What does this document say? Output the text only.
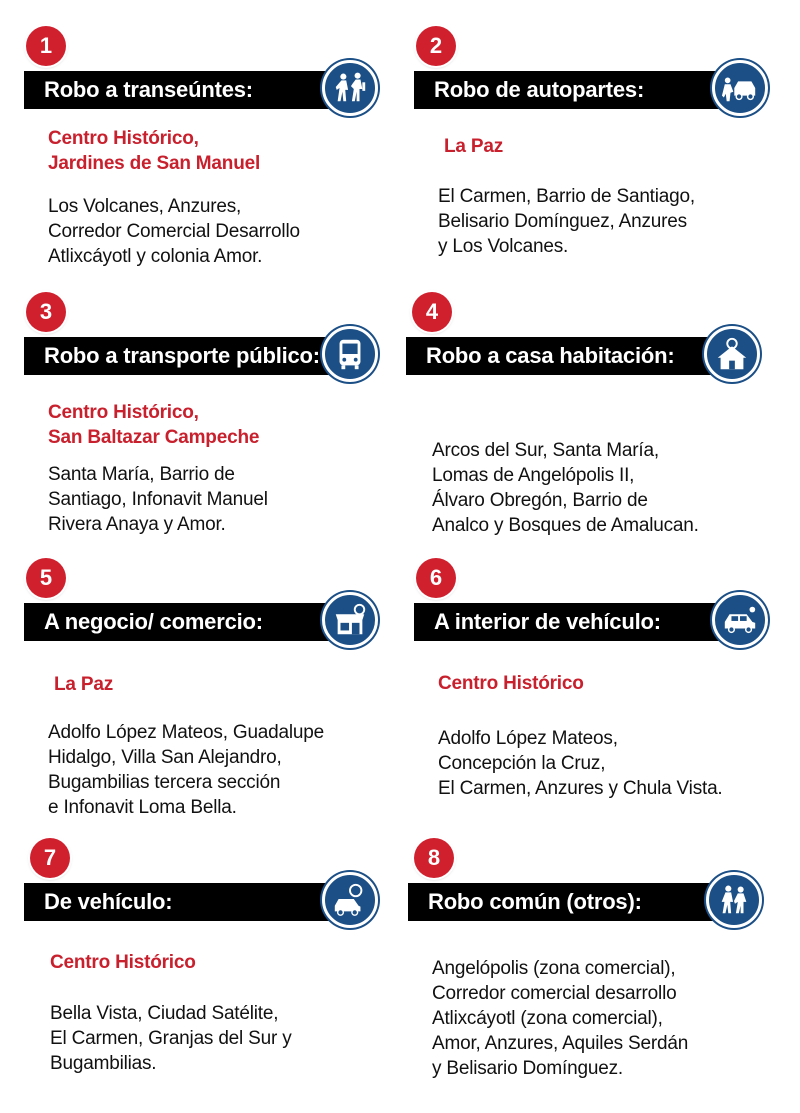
1
Robo a transeúntes:
Centro Histórico,
Jardines de San Manuel
Los Volcanes, Anzures,
Corredor Comercial Desarrollo
Atlixcáyotl y colonia Amor.
2
Robo de autopartes:
La Paz
El Carmen, Barrio de Santiago,
Belisario Domínguez, Anzures
y Los Volcanes.
3
Robo a transporte público:
Centro Histórico,
San Baltazar Campeche
Santa María, Barrio de
Santiago, Infonavit Manuel
Rivera Anaya y Amor.
4
Robo a casa habitación:
Arcos del Sur, Santa María,
Lomas de Angelópolis II,
Álvaro Obregón, Barrio de
Analco y Bosques de Amalucan.
5
A negocio/ comercio:
La Paz
Adolfo López Mateos, Guadalupe
Hidalgo, Villa San Alejandro,
Bugambilias tercera sección
e Infonavit Loma Bella.
6
A interior de vehículo:
Centro Histórico
Adolfo López Mateos,
Concepción la Cruz,
El Carmen, Anzures y Chula Vista.
7
De vehículo:
Centro Histórico
Bella Vista, Ciudad Satélite,
El Carmen, Granjas del Sur y
Bugambilias.
8
Robo común (otros):
Angelópolis (zona comercial),
Corredor comercial desarrollo
Atlixcáyotl (zona comercial),
Amor, Anzures, Aquiles Serdán
y Belisario Domínguez.
